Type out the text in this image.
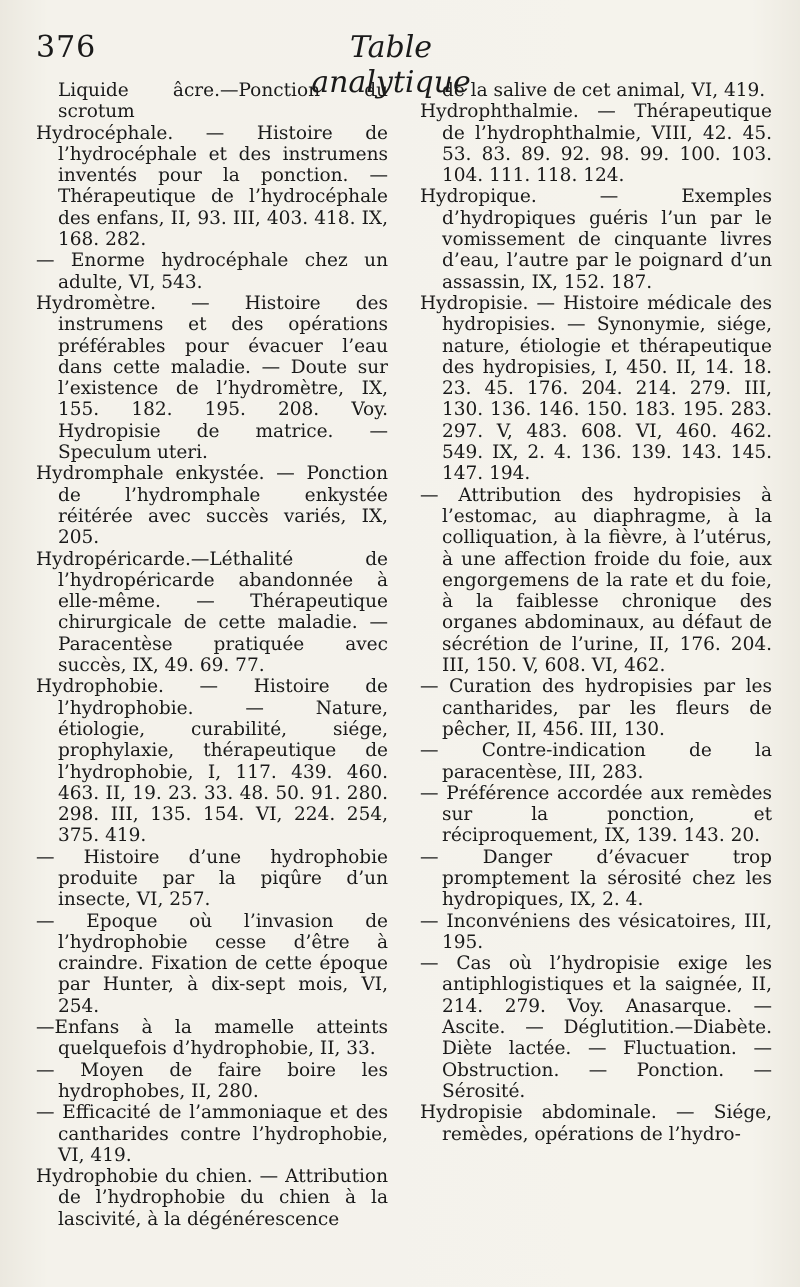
376	Table analytique

Liquide âcre.—Ponction du scrotum

Hydrocéphale. — Histoire de l’hydrocéphale et des instrumens inventés pour la ponction. — Thérapeutique de l’hydrocéphale des enfans, II, 93. III, 403. 418. IX, 168. 282.

— Enorme hydrocéphale chez un adulte, VI, 543.

Hydromètre. — Histoire des instrumens et des opérations préférables pour évacuer l’eau dans cette maladie. — Doute sur l’existence de l’hydromètre, IX, 155. 182. 195. 208. Voy. Hydropisie de matrice. — Speculum uteri.

Hydromphale enkystée. — Ponction de l’hydromphale enkystée réitérée avec succès variés, IX, 205.

Hydropéricarde.—Léthalité de l’hydropéricarde abandonnée à elle-même. — Thérapeutique chirurgicale de cette maladie. — Paracentèse pratiquée avec succès, IX, 49. 69. 77.

Hydrophobie. — Histoire de l’hydrophobie. — Nature, étiologie, curabilité, siége, prophylaxie, thérapeutique de l’hydrophobie, I, 117. 439. 460. 463. II, 19. 23. 33. 48. 50. 91. 280. 298. III, 135. 154. VI, 224. 254, 375. 419.

— Histoire d’une hydrophobie produite par la piqûre d’un insecte, VI, 257.

— Epoque où l’invasion de l’hydrophobie cesse d’être à craindre. Fixation de cette époque par Hunter, à dix-sept mois, VI, 254.

—Enfans à la mamelle atteints quelquefois d’hydrophobie, II, 33.

— Moyen de faire boire les hydrophobes, II, 280.

— Efficacité de l’ammoniaque et des cantharides contre l’hydrophobie, VI, 419.

Hydrophobie du chien. — Attribution de l’hydrophobie du chien à la lascivité, à la dégénérescence

de la salive de cet animal, VI, 419.

Hydrophthalmie. — Thérapeutique de l’hydrophthalmie, VIII, 42. 45. 53. 83. 89. 92. 98. 99. 100. 103. 104. 111. 118. 124.

Hydropique. — Exemples d’hydropiques guéris l’un par le vomissement de cinquante livres d’eau, l’autre par le poignard d’un assassin, IX, 152. 187.

Hydropisie. — Histoire médicale des hydropisies. — Synonymie, siége, nature, étiologie et thérapeutique des hydropisies, I, 450. II, 14. 18. 23. 45. 176. 204. 214. 279. III, 130. 136. 146. 150. 183. 195. 283. 297. V, 483. 608. VI, 460. 462. 549. IX, 2. 4. 136. 139. 143. 145. 147. 194.

— Attribution des hydropisies à l’estomac, au diaphragme, à la colliquation, à la fièvre, à l’utérus, à une affection froide du foie, aux engorgemens de la rate et du foie, à la faiblesse chronique des organes abdominaux, au défaut de sécrétion de l’urine, II, 176. 204. III, 150. V, 608. VI, 462.

— Curation des hydropisies par les cantharides, par les fleurs de pêcher, II, 456. III, 130.

— Contre-indication de la paracentèse, III, 283.

— Préférence accordée aux remèdes sur la ponction, et réciproquement, IX, 139. 143. 20.

— Danger d’évacuer trop promptement la sérosité chez les hydropiques, IX, 2. 4.

— Inconvéniens des vésicatoires, III, 195.

— Cas où l’hydropisie exige les antiphlogistiques et la saignée, II, 214. 279. Voy. Anasarque. — Ascite. — Déglutition.—Diabète. Diète lactée. — Fluctuation. — Obstruction. — Ponction. — Sérosité.

Hydropisie abdominale. — Siége, remèdes, opérations de l’hydro-
